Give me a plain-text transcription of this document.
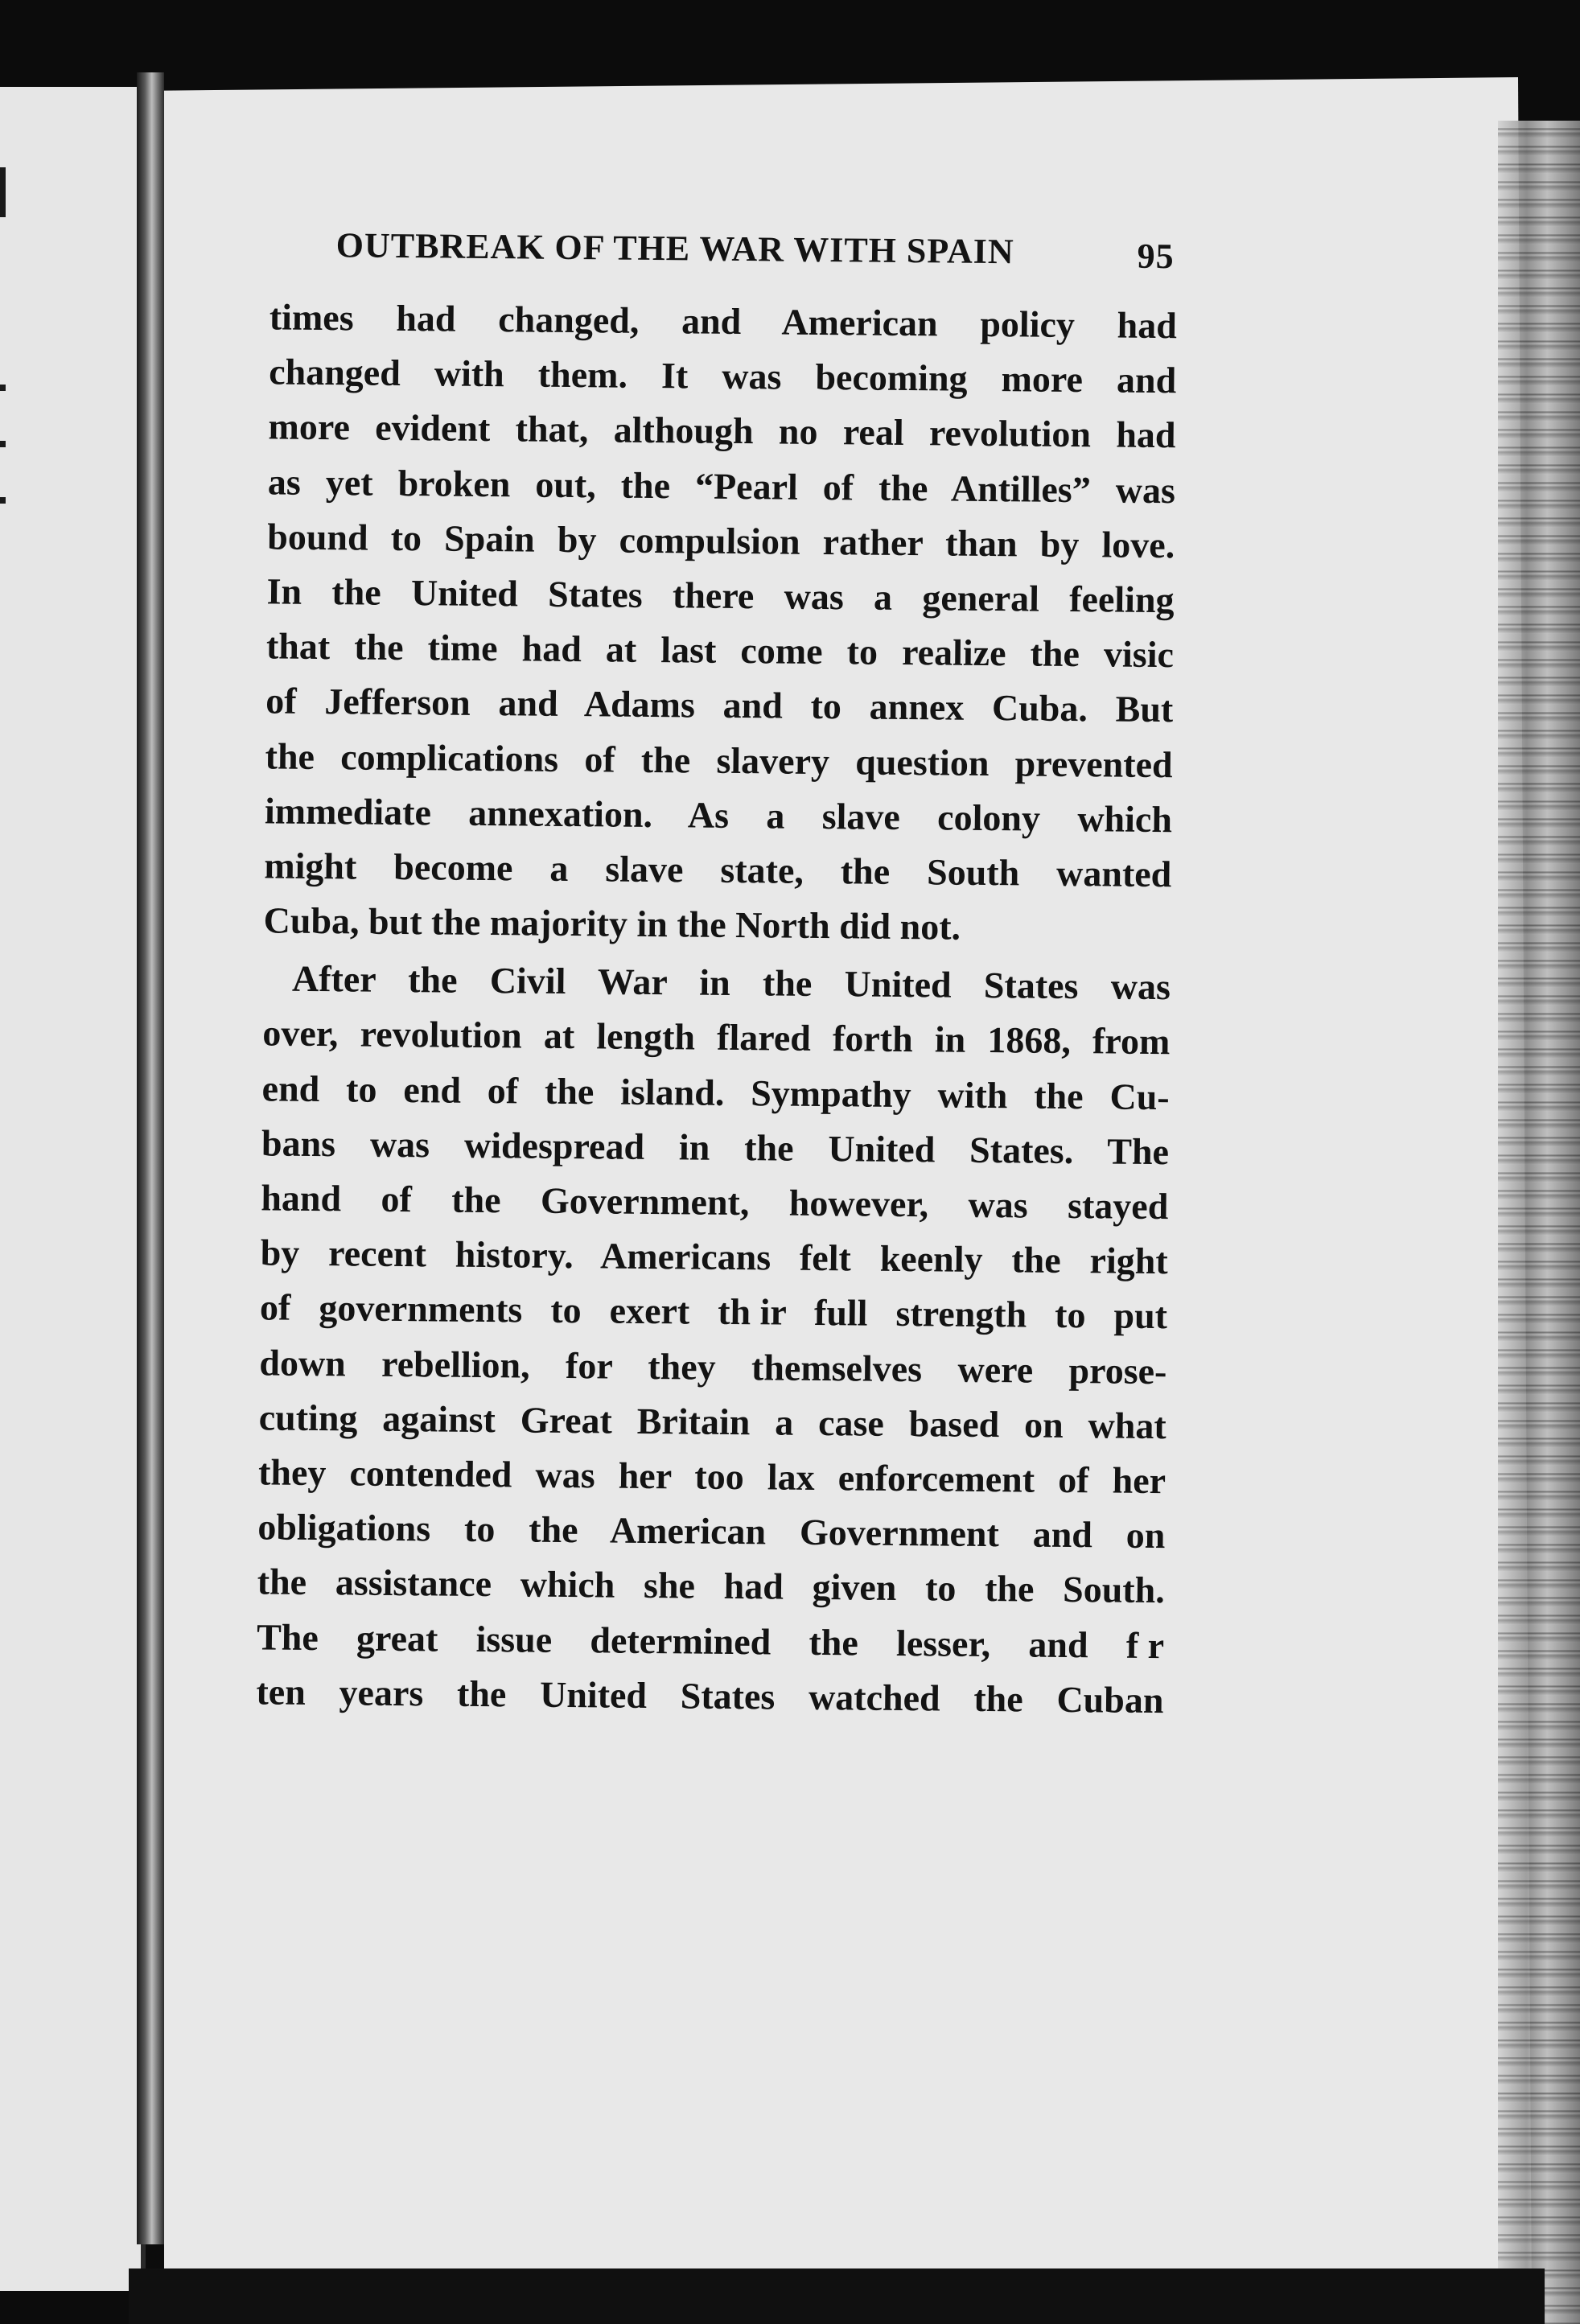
OUTBREAK OF THE WAR WITH SPAIN	95
times had changed, and American policy had
changed with them. It was becoming more and
more evident that, although no real revolution had
as yet broken out, the “Pearl of the Antilles” was
bound to Spain by compulsion rather than by love.
In the United States there was a general feeling
that the time had at last come to realize the visic
of Jefferson and Adams and to annex Cuba. But
the complications of the slavery question prevented
immediate annexation. As a slave colony which
might become a slave state, the South wanted
Cuba, but the majority in the North did not.
After the Civil War in the United States was
over, revolution at length flared forth in 1868, from
end to end of the island. Sympathy with the Cu-
bans was widespread in the United States. The
hand of the Government, however, was stayed
by recent history. Americans felt keenly the right
of governments to exert th ir full strength to put
down rebellion, for they themselves were prose-
cuting against Great Britain a case based on what
they contended was her too lax enforcement of her
obligations to the American Government and on
the assistance which she had given to the South.
The great issue determined the lesser, and f r
ten years the United States watched the Cuban
